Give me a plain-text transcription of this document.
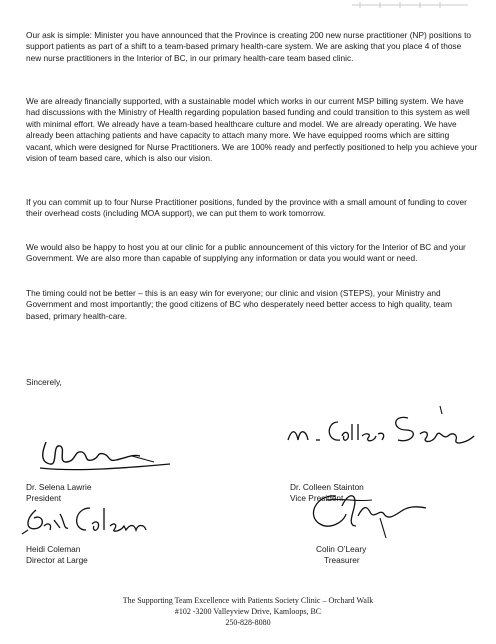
Our ask is simple: Minister you have announced that the Province is creating 200 new nurse practitioner (NP) positions to support patients as part of a shift to a team-based primary health-care system. We are asking that you place 4 of those new nurse practitioners in the Interior of BC, in our primary health-care team based clinic.

We are already financially supported, with a sustainable model which works in our current MSP billing system. We have had discussions with the Ministry of Health regarding population based funding and could transition to this system as well with minimal effort. We already have a team-based healthcare culture and model. We are already operating. We have already been attaching patients and have capacity to attach many more. We have equipped rooms which are sitting vacant, which were designed for Nurse Practitioners. We are 100% ready and perfectly positioned to help you achieve your vision of team based care, which is also our vision.

If you can commit up to four Nurse Practitioner positions, funded by the province with a small amount of funding to cover their overhead costs (including MOA support), we can put them to work tomorrow.

We would also be happy to host you at our clinic for a public announcement of this victory for the Interior of BC and your Government. We are also more than capable of supplying any information or data you would want or need.

The timing could not be better – this is an easy win for everyone; our clinic and vision (STEPS), your Ministry and Government and most importantly; the good citizens of BC who desperately need better access to high quality, team based, primary health-care.

Sincerely,
Dr. Selena Lawrie
President
Dr. Colleen Stainton
Vice President
Heidi Coleman
Director at Large
Colin O’Leary
Treasurer
The Supporting Team Excellence with Patients Society Clinic – Orchard Walk
#102 -3200 Valleyview Drive, Kamloops, BC
250-828-8080
